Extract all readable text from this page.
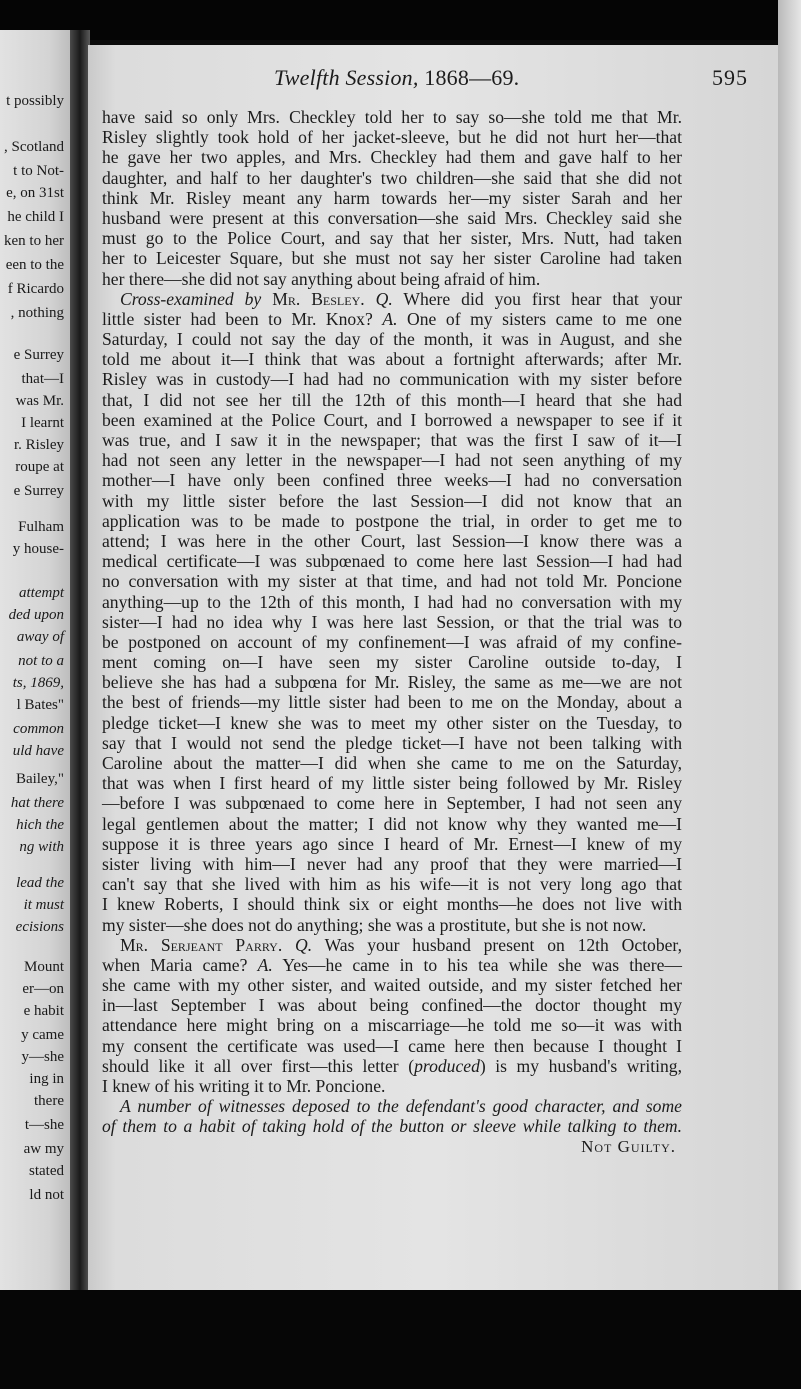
t possibly
, Scotland
t to Not-
e, on 31st
he child I
ken to her
een to the
f Ricardo
, nothing
e Surrey
that—I
was Mr.
I learnt
r. Risley
roupe at
e Surrey
Fulham
y house-
attempt
ded upon
away of
not to a
ts, 1869,
l Bates"
common
uld have
Bailey,"
hat there
hich the
ng with
lead the
it must
ecisions
Mount
er—on
e habit
y came
y—she
ing in
there
t—she
aw my
stated
ld not
Twelfth Session, 1868—69.	595
have said so only Mrs. Checkley told her to say so—she told me that Mr.
Risley slightly took hold of her jacket-sleeve, but he did not hurt her—that
he gave her two apples, and Mrs. Checkley had them and gave half to her
daughter, and half to her daughter's two children—she said that she did not
think Mr. Risley meant any harm towards her—my sister Sarah and her
husband were present at this conversation—she said Mrs. Checkley said she
must go to the Police Court, and say that her sister, Mrs. Nutt, had taken
her to Leicester Square, but she must not say her sister Caroline had taken
her there—she did not say anything about being afraid of him.
Cross-examined by Mr. Besley. Q. Where did you first hear that your
little sister had been to Mr. Knox? A. One of my sisters came to me one
Saturday, I could not say the day of the month, it was in August, and she
told me about it—I think that was about a fortnight afterwards; after Mr.
Risley was in custody—I had had no communication with my sister before
that, I did not see her till the 12th of this month—I heard that she had
been examined at the Police Court, and I borrowed a newspaper to see if it
was true, and I saw it in the newspaper; that was the first I saw of it—I
had not seen any letter in the newspaper—I had not seen anything of my
mother—I have only been confined three weeks—I had no conversation
with my little sister before the last Session—I did not know that an
application was to be made to postpone the trial, in order to get me to
attend; I was here in the other Court, last Session—I know there was a
medical certificate—I was subpœnaed to come here last Session—I had had
no conversation with my sister at that time, and had not told Mr. Poncione
anything—up to the 12th of this month, I had had no conversation with my
sister—I had no idea why I was here last Session, or that the trial was to
be postponed on account of my confinement—I was afraid of my confine-
ment coming on—I have seen my sister Caroline outside to-day, I
believe she has had a subpœna for Mr. Risley, the same as me—we are not
the best of friends—my little sister had been to me on the Monday, about a
pledge ticket—I knew she was to meet my other sister on the Tuesday, to
say that I would not send the pledge ticket—I have not been talking with
Caroline about the matter—I did when she came to me on the Saturday,
that was when I first heard of my little sister being followed by Mr. Risley
—before I was subpœnaed to come here in September, I had not seen any
legal gentlemen about the matter; I did not know why they wanted me—I
suppose it is three years ago since I heard of Mr. Ernest—I knew of my
sister living with him—I never had any proof that they were married—I
can't say that she lived with him as his wife—it is not very long ago that
I knew Roberts, I should think six or eight months—he does not live with
my sister—she does not do anything; she was a prostitute, but she is not now.
Mr. Serjeant Parry. Q. Was your husband present on 12th October,
when Maria came? A. Yes—he came in to his tea while she was there—
she came with my other sister, and waited outside, and my sister fetched her
in—last September I was about being confined—the doctor thought my
attendance here might bring on a miscarriage—he told me so—it was with
my consent the certificate was used—I came here then because I thought I
should like it all over first—this letter (produced) is my husband's writing,
I knew of his writing it to Mr. Poncione.
A number of witnesses deposed to the defendant's good character, and some
of them to a habit of taking hold of the button or sleeve while talking to them.
Not Guilty.
